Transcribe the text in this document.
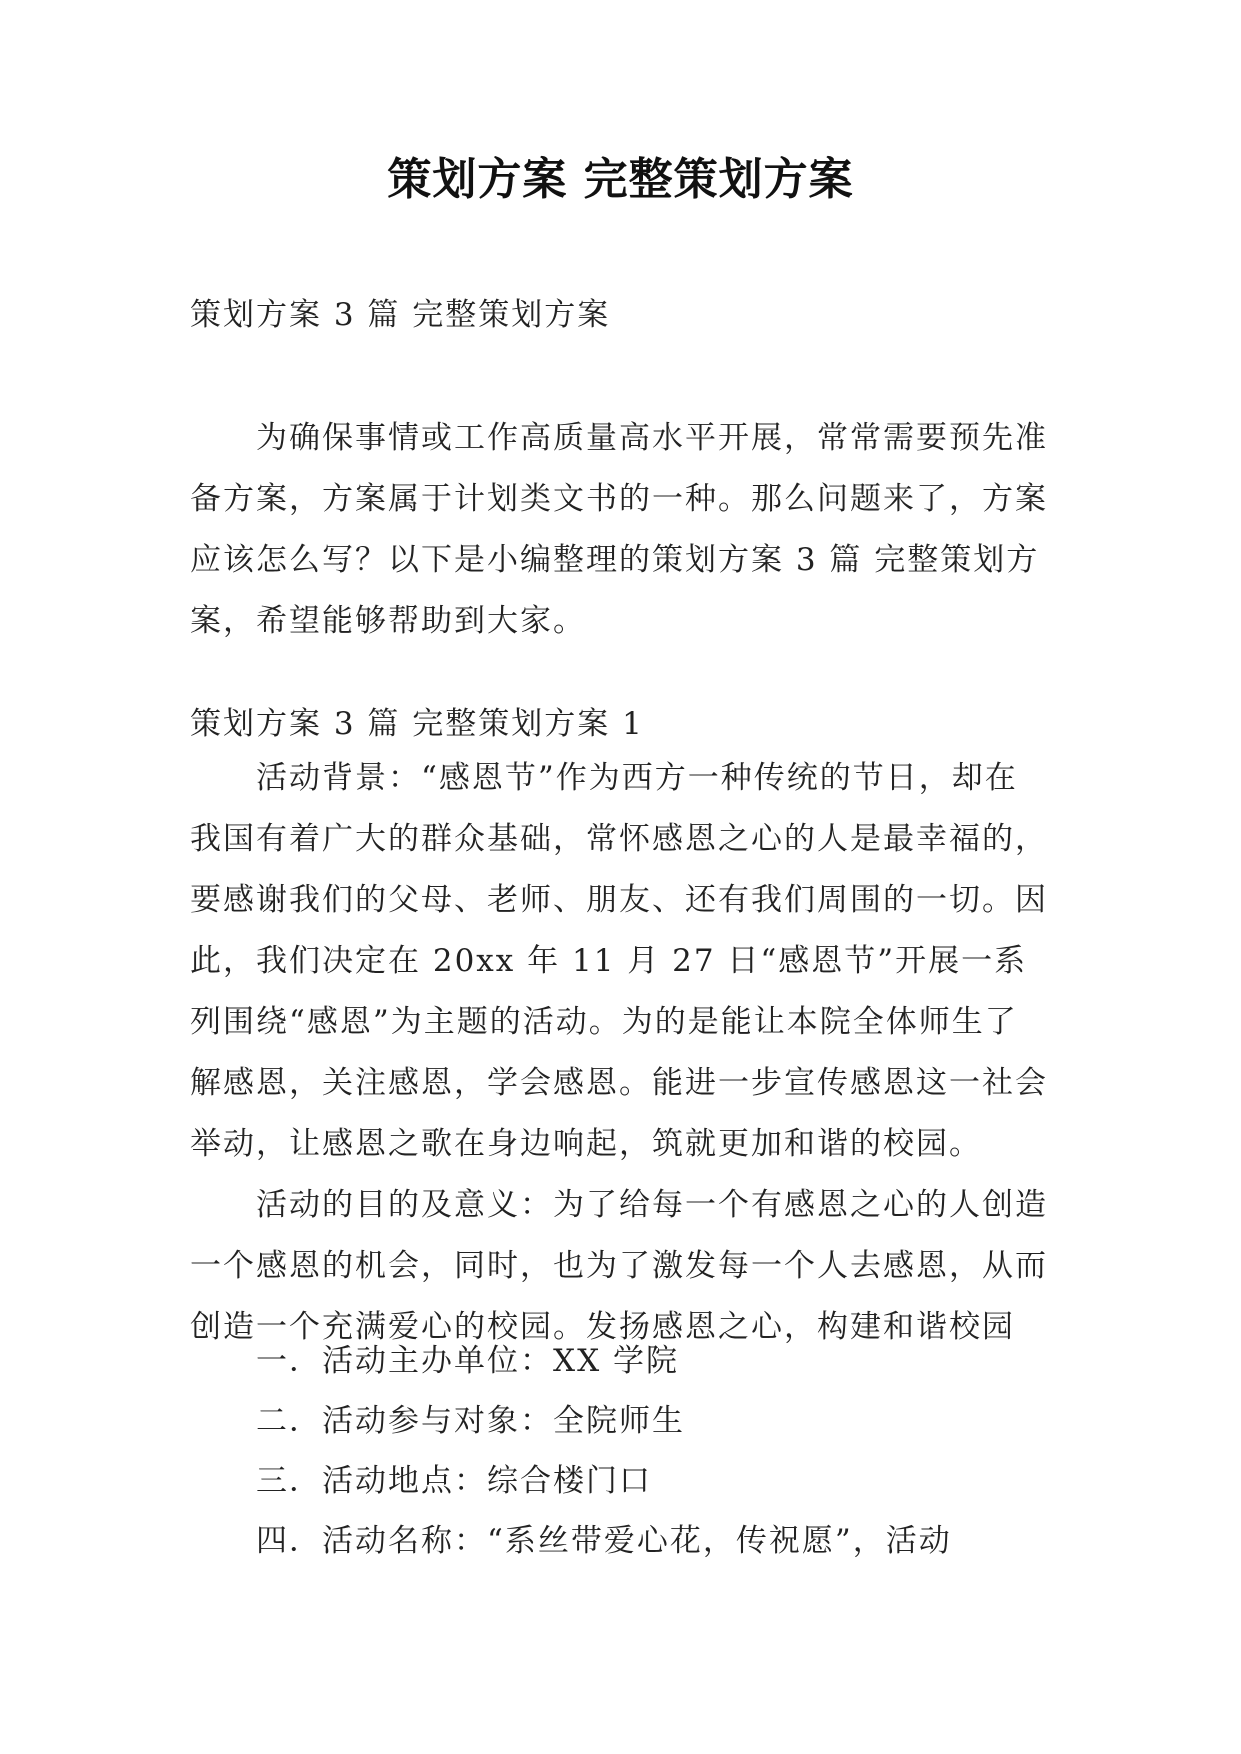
策划方案 完整策划方案
策划方案 3 篇 完整策划方案
为确保事情或工作高质量高水平开展，常常需要预先准备方案，方案属于计划类文书的一种。那么问题来了，方案应该怎么写？以下是小编整理的策划方案 3 篇 完整策划方案，希望能够帮助到大家。
策划方案 3 篇 完整策划方案 1
活动背景：“感恩节”作为西方一种传统的节日，却在我国有着广大的群众基础，常怀感恩之心的人是最幸福的，要感谢我们的父母、老师、朋友、还有我们周围的一切。因此，我们决定在 20xx 年 11 月 27 日“感恩节”开展一系列围绕“感恩”为主题的活动。为的是能让本院全体师生了解感恩，关注感恩，学会感恩。能进一步宣传感恩这一社会举动，让感恩之歌在身边响起，筑就更加和谐的校园。
活动的目的及意义：为了给每一个有感恩之心的人创造一个感恩的机会，同时，也为了激发每一个人去感恩，从而创造一个充满爱心的校园。发扬感恩之心，构建和谐校园
一．活动主办单位：XX 学院
二．活动参与对象：全院师生
三．活动地点：综合楼门口
四．活动名称：“系丝带爱心花，传祝愿”，活动
